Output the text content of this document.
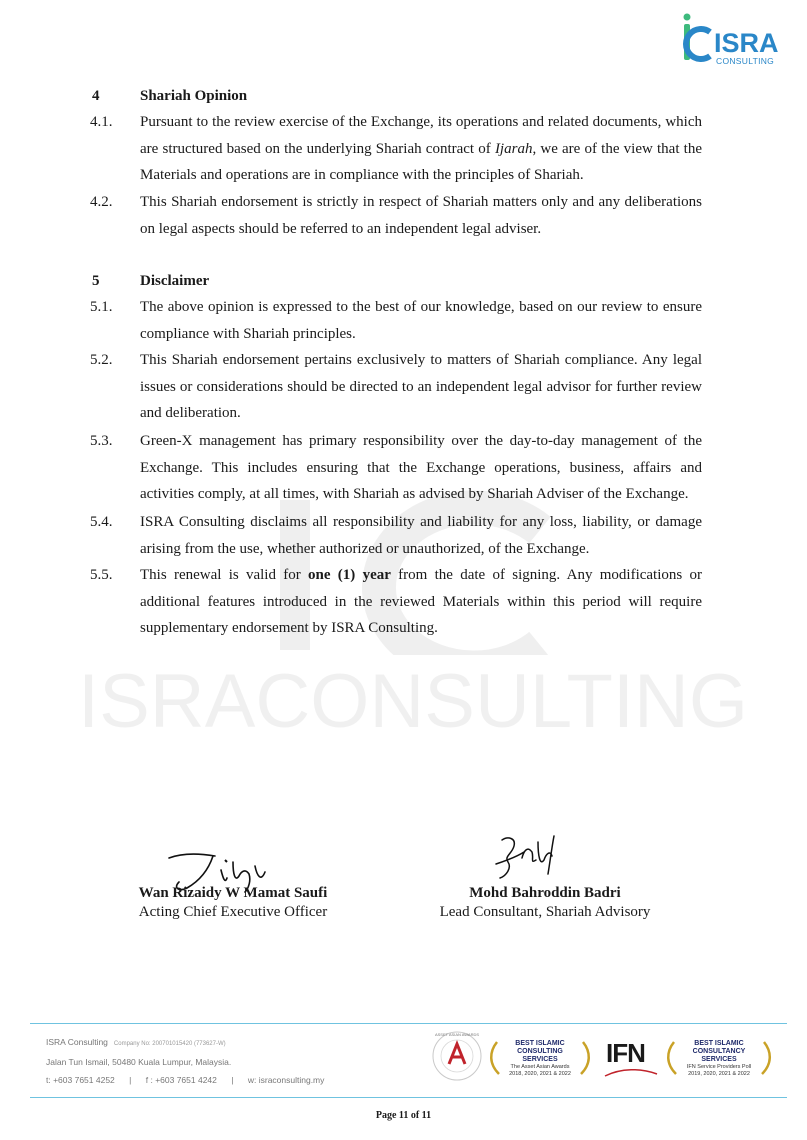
ISRA
CONSULTING
ISRACONSULTING
4	Shariah Opinion
4.1. Pursuant to the review exercise of the Exchange, its operations and related documents, which are structured based on the underlying Shariah contract of Ijarah, we are of the view that the Materials and operations are in compliance with the principles of Shariah.
4.2. This Shariah endorsement is strictly in respect of Shariah matters only and any deliberations on legal aspects should be referred to an independent legal adviser.
5	Disclaimer
5.1. The above opinion is expressed to the best of our knowledge, based on our review to ensure compliance with Shariah principles.
5.2. This Shariah endorsement pertains exclusively to matters of Shariah compliance. Any legal issues or considerations should be directed to an independent legal advisor for further review and deliberation.
5.3. Green-X management has primary responsibility over the day-to-day management of the Exchange. This includes ensuring that the Exchange operations, business, affairs and activities comply, at all times, with Shariah as advised by Shariah Adviser of the Exchange.
5.4. ISRA Consulting disclaims all responsibility and liability for any loss, liability, or damage arising from the use, whether authorized or unauthorized, of the Exchange.
5.5. This renewal is valid for one (1) year from the date of signing. Any modifications or additional features introduced in the reviewed Materials within this period will require supplementary endorsement by ISRA Consulting.
Wan Rizaidy W Mamat Saufi
Acting Chief Executive Officer
Mohd Bahroddin Badri
Lead Consultant, Shariah Advisory
ISRA Consulting Company No: 200701015420 (773627-W)
Jalan Tun Ismail, 50480 Kuala Lumpur, Malaysia.
t: +603 7651 4252 | f : +603 7651 4242 | w: israconsulting.my
ASSET ASIAN AWARDS
BEST ISLAMIC CONSULTING SERVICES
The Asset Asian Awards
2018, 2020, 2021 & 2022
IFN	BEST ISLAMIC CONSULTANCY SERVICES
IFN Service Providers Poll
2019, 2020, 2021 & 2022
Page 11 of 11
